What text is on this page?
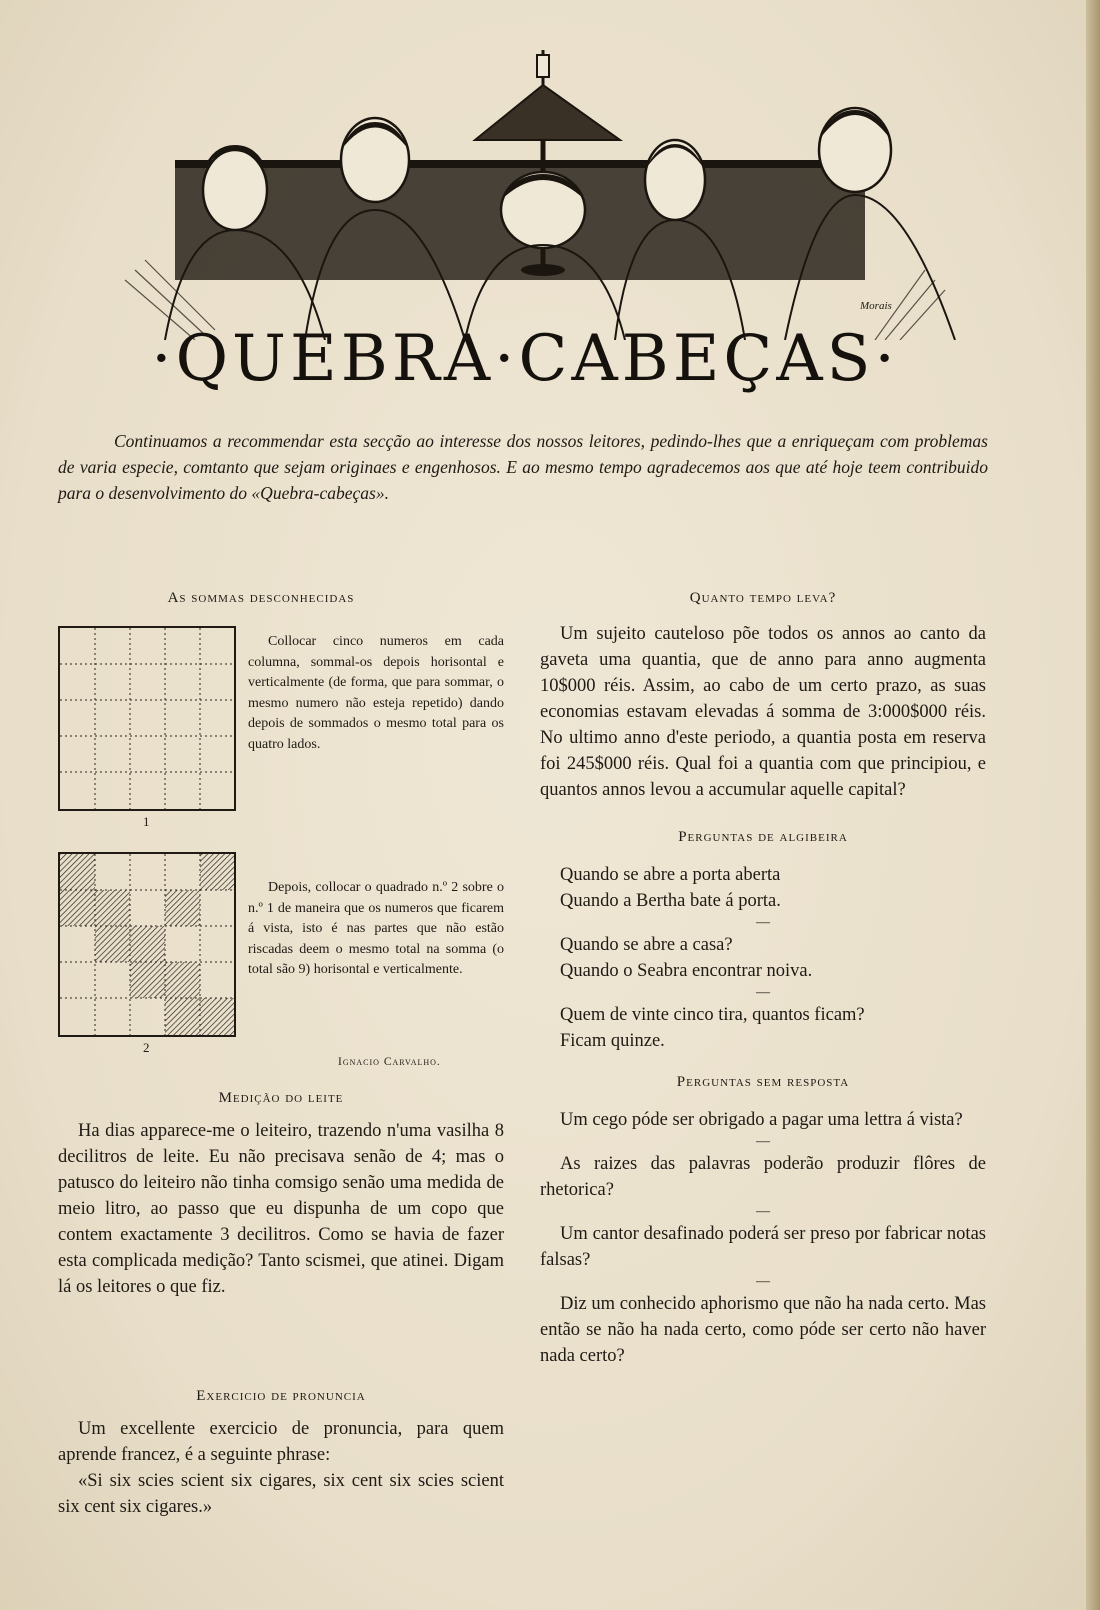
·QUEBRA·CABEÇAS·
Morais

Continuamos a recommendar esta secção ao interesse dos nossos leitores, pedindo-lhes que a enriqueçam com problemas de varia especie, comtanto que sejam originaes e engenhosos. E ao mesmo tempo agradecemos aos que até hoje teem contribuido para o desenvolvimento do «Quebra-cabeças».

As sommas desconhecidas
Collocar cinco numeros em cada columna, sommal-os depois horisontal e verticalmente (de forma, que para sommar, o mesmo numero não esteja repetido) dando depois de sommados o mesmo total para os quatro lados.
1
Depois, collocar o quadrado n.º 2 sobre o n.º 1 de maneira que os numeros que ficarem á vista, isto é nas partes que não estão riscadas deem o mesmo total na somma (o total são 9) horisontal e verticalmente.
2
Ignacio Carvalho.
Medição do leite

Ha dias apparece-me o leiteiro, trazendo n'uma vasilha 8 decilitros de leite. Eu não precisava senão de 4; mas o patusco do leiteiro não tinha comsigo senão uma medida de meio litro, ao passo que eu dispunha de um copo que contem exactamente 3 decilitros. Como se havia de fazer esta complicada medição? Tanto scismei, que atinei. Digam lá os leitores o que fiz.

Exercicio de pronuncia

Um excellente exercicio de pronuncia, para quem aprende francez, é a seguinte phrase:

«Si six scies scient six cigares, six cent six scies scient six cent six cigares.»

Quanto tempo leva?

Um sujeito cauteloso põe todos os annos ao canto da gaveta uma quantia, que de anno para anno augmenta 10$000 réis. Assim, ao cabo de um certo prazo, as suas economias estavam elevadas á somma de 3:000$000 réis. No ultimo anno d'este periodo, a quantia posta em reserva foi 245$000 réis. Qual foi a quantia com que principiou, e quantos annos levou a accumular aquelle capital?

Perguntas de algibeira

Quando se abre a porta aberta

Quando a Bertha bate á porta.

—

Quando se abre a casa?

Quando o Seabra encontrar noiva.

—

Quem de vinte cinco tira, quantos ficam?

Ficam quinze.

Perguntas sem resposta

Um cego póde ser obrigado a pagar uma lettra á vista?

—

As raizes das palavras poderão produzir flôres de rhetorica?

—

Um cantor desafinado poderá ser preso por fabricar notas falsas?

—

Diz um conhecido aphorismo que não ha nada certo. Mas então se não ha nada certo, como póde ser certo não haver nada certo?
